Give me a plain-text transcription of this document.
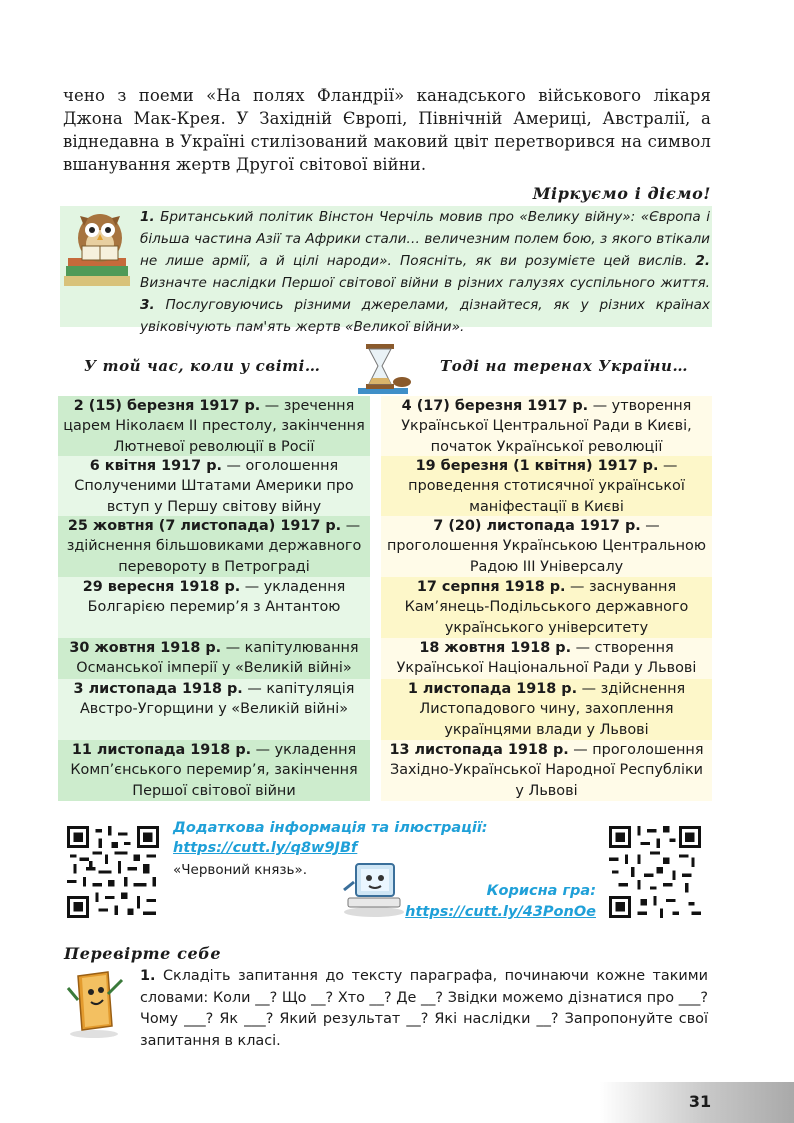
чено з поеми «На полях Фландрії» канадського військового лікаря Джона Мак-Крея. У Західній Європі, Північній Америці, Австралії, а віднедавна в Україні стилізований маковий цвіт перетворився на символ вшанування жертв Другої світової війни.

Міркуємо і діємо!

1. Британський політик Вінстон Черчіль мовив про «Велику війну»: «Європа і більша частина Азії та Африки стали… величезним полем бою, з якого втікали не лише армії, а й цілі народи». Поясніть, як ви розумієте цей вислів. 2. Визначте наслідки Першої світової війни в різних галузях суспільного життя. 3. Послуговуючись різними джерелами, дізнайтеся, як у різних країнах увіковічують пам'ять жертв «Великої війни».

У той час, коли у світі…	Тоді на теренах України…
2 (15) березня 1917 р. — зречення царем Ніколаєм ІІ престолу, закінчення Лютневої революції в Росії
6 квітня 1917 р. — оголошення Сполученими Штатами Америки про вступ у Першу світову війну
25 жовтня (7 листопада) 1917 р. — здійснення більшовиками державного перевороту в Петрограді
29 вересня 1918 р. — укладення Болгарією перемир’я з Антантою
30 жовтня 1918 р. — капітулювання Османської імперії у «Великій війні»
3 листопада 1918 р. — капітуляція Австро-Угорщини у «Великій війні»
11 листопада 1918 р. — укладення Комп’єнського перемир’я, закінчення Першої світової війни
4 (17) березня 1917 р. — утворення Української Центральної Ради в Києві, початок Української революції
19 березня (1 квітня) 1917 р. — проведення стотисячної української маніфестації в Києві
7 (20) листопада 1917 р. — проголошення Українською Центральною Радою ІІІ Універсалу
17 серпня 1918 р. — заснування Кам’янець-Подільського державного українського університету
18 жовтня 1918 р. — створення Української Національної Ради у Львові
1 листопада 1918 р. — здійснення Листопадового чину, захоплення українцями влади у Львові
13 листопада 1918 р. — проголошення Західно-Української Народної Республіки у Львові
Додаткова інформація та ілюстрації:
https://cutt.ly/q8w9JBf
«Червоний князь».
Корисна гра:
https://cutt.ly/43PonOe
Перевірте себе

1. Складіть запитання до тексту параграфа, починаючи кожне такими словами: Коли __? Що __? Хто __? Де __? Звідки можемо дізнатися про ___? Чому ___? Як ___? Який результат __? Які наслідки __? Запропонуйте свої запитання в класі.

31
